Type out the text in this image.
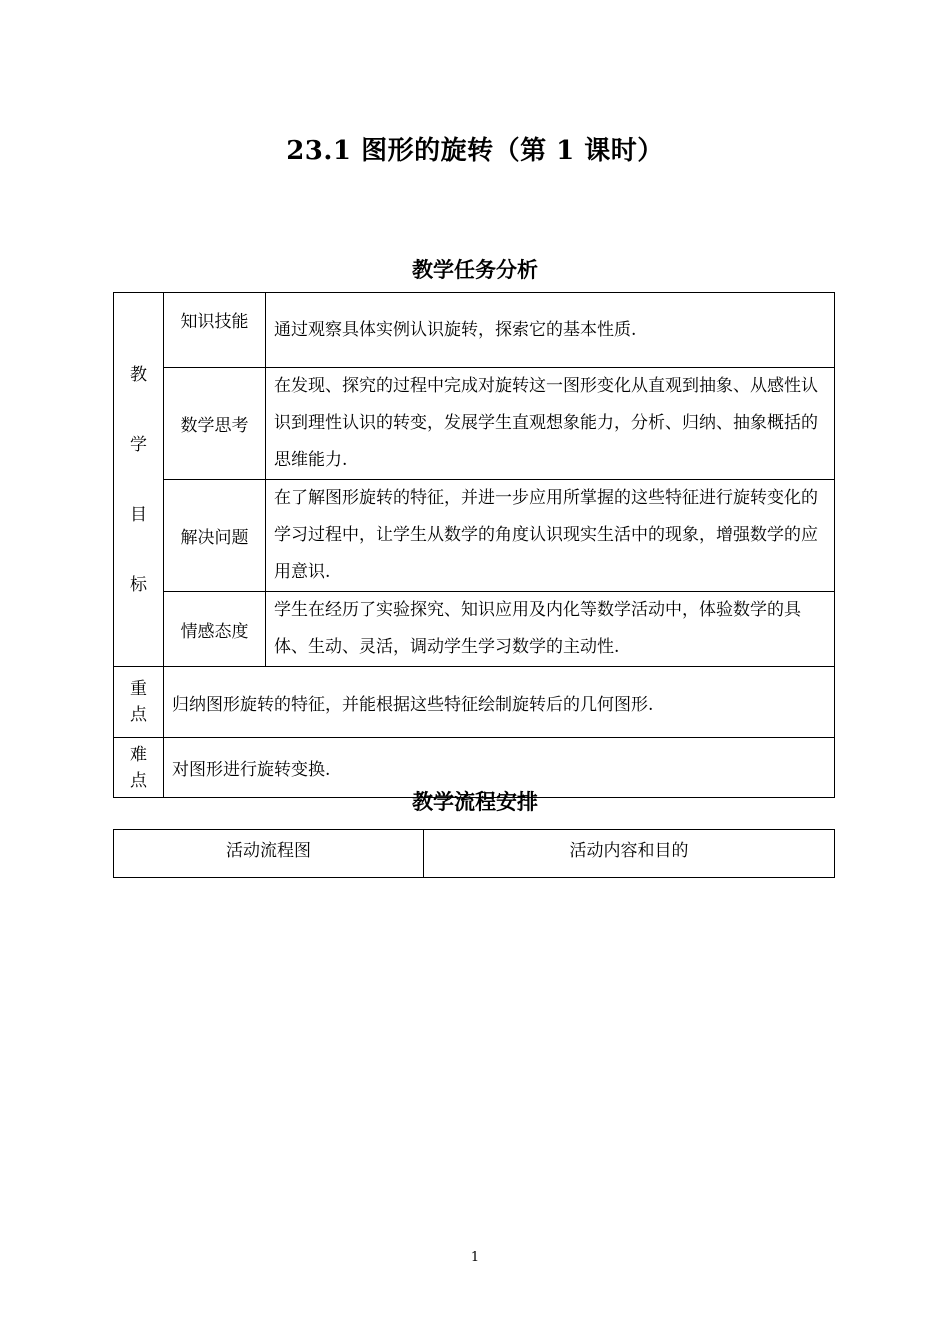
23.1 图形的旋转（第 1 课时）
教学任务分析
教
学
目
标	知识技能	通过观察具体实例认识旋转，探索它的基本性质.
	数学思考	在发现、探究的过程中完成对旋转这一图形变化从直观到抽象、从感性认识到理性认识的转变，发展学生直观想象能力，分析、归纳、抽象概括的思维能力.
	解决问题	在了解图形旋转的特征，并进一步应用所掌握的这些特征进行旋转变化的学习过程中，让学生从数学的角度认识现实生活中的现象，增强数学的应用意识.
	情感态度	学生在经历了实验探究、知识应用及内化等数学活动中，体验数学的具体、生动、灵活，调动学生学习数学的主动性.

重
点	归纳图形旋转的特征，并能根据这些特征绘制旋转后的几何图形.	

难
点	对图形进行旋转变换.	
教学流程安排
活动流程图	活动内容和目的
1
